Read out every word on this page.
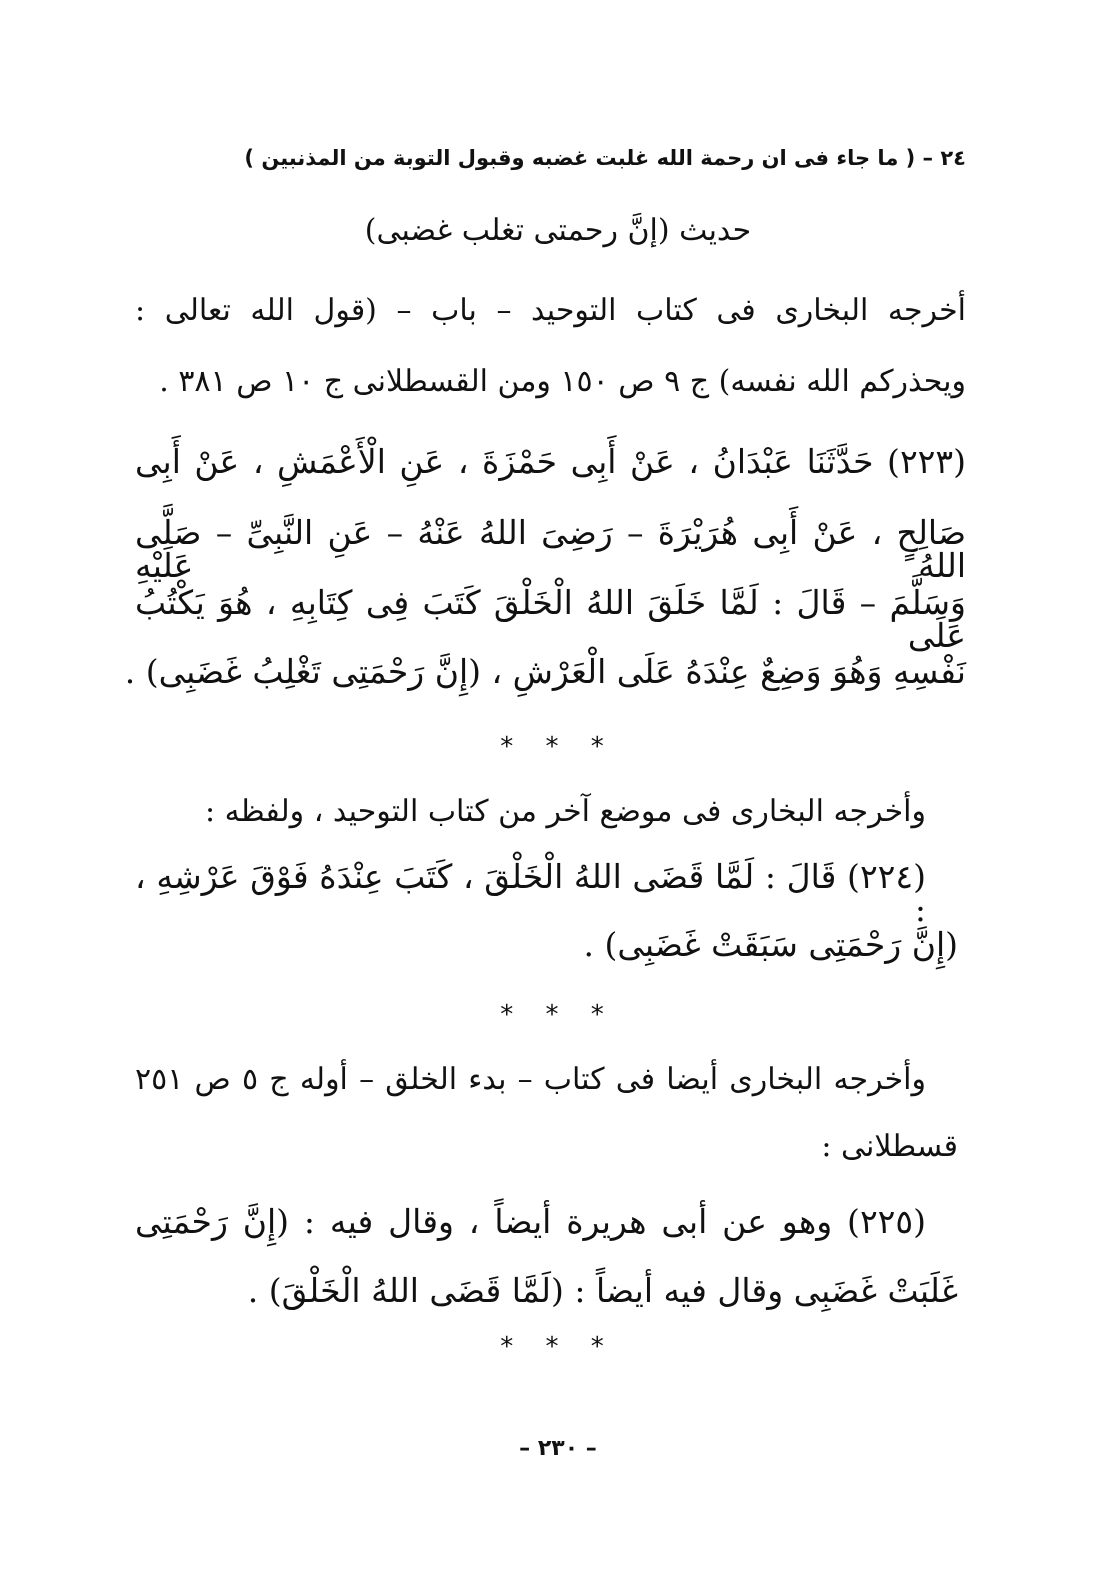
٢٤ – ( ما جاء فى ان رحمة الله غلبت غضبه وقبول التوبة من المذنبين )
حديث (إنَّ رحمتى تغلب غضبى)
أخرجه البخارى فى كتاب التوحيد – باب – (قول الله تعالى :
ويحذركم الله نفسه) ج ٩ ص ١٥٠ ومن القسطلانى ج ١٠ ص ٣٨١ .
(٢٢٣) حَدَّثَنَا عَبْدَانُ ، عَنْ أَبِى حَمْزَةَ ، عَنِ الْأَعْمَشِ ، عَنْ أَبِى
صَالِحٍ ، عَنْ أَبِى هُرَيْرَةَ – رَضِىَ اللهُ عَنْهُ – عَنِ النَّبِىِّ – صَلَّى اللهُ عَلَيْهِ
وَسَلَّمَ – قَالَ : لَمَّا خَلَقَ اللهُ الْخَلْقَ كَتَبَ فِى كِتَابِهِ ، هُوَ يَكْتُبُ عَلَى
نَفْسِهِ وَهُوَ وَضِعٌ عِنْدَهُ عَلَى الْعَرْشِ ، (إِنَّ رَحْمَتِى تَغْلِبُ غَضَبِى) .
* * *
وأخرجه البخارى فى موضع آخر من كتاب التوحيد ، ولفظه :
(٢٢٤) قَالَ : لَمَّا قَضَى اللهُ الْخَلْقَ ، كَتَبَ عِنْدَهُ فَوْقَ عَرْشِهِ ، :
(إِنَّ رَحْمَتِى سَبَقَتْ غَضَبِى) .
* * *
وأخرجه البخارى أيضا فى كتاب – بدء الخلق – أوله ج ٥ ص ٢٥١
قسطلانى :
(٢٢٥) وهو عن أبى هريرة أيضاً ، وقال فيه : (إِنَّ رَحْمَتِى
غَلَبَتْ غَضَبِى وقال فيه أيضاً : (لَمَّا قَضَى اللهُ الْخَلْقَ) .
* * *
– ٢٣٠ –
